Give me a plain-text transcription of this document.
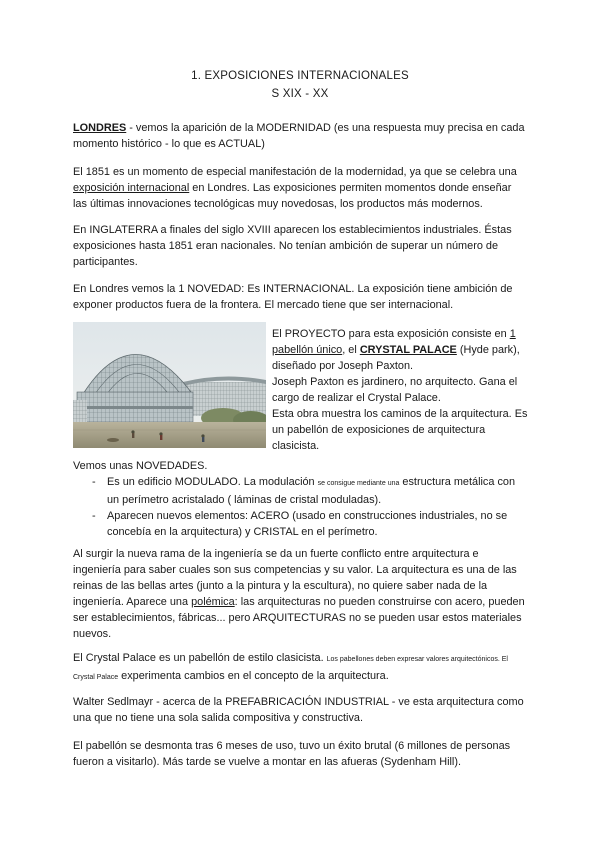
1. EXPOSICIONES INTERNACIONALES
S XIX - XX

LONDRES - vemos la aparición de la MODERNIDAD (es una respuesta muy precisa en cada momento histórico - lo que es ACTUAL)

El 1851 es un momento de especial manifestación de la modernidad, ya que se celebra una exposición internacional en Londres. Las exposiciones permiten momentos donde enseñar las últimas innovaciones tecnológicas muy novedosas, los productos más modernos.

En INGLATERRA a finales del siglo XVIII aparecen los establecimientos industriales. Éstas exposiciones hasta 1851 eran nacionales. No tenían ambición de superar un número de participantes.

En Londres vemos la 1 NOVEDAD: Es INTERNACIONAL. La exposición tiene ambición de exponer productos fuera de la frontera. El mercado tiene que ser internacional.

El PROYECTO para esta exposición consiste en 1 pabellón único, el CRYSTAL PALACE (Hyde park), diseñado por Joseph Paxton.
Joseph Paxton es jardinero, no arquitecto. Gana el cargo de realizar el Crystal Palace.
Esta obra muestra los caminos de la arquitectura. Es un pabellón de exposiciones de arquitectura clasicista.

Vemos unas NOVEDADES.

- Es un edificio MODULADO. La modulación se consigue mediante una estructura metálica con un perímetro acristalado ( láminas de cristal moduladas).
- Aparecen nuevos elementos: ACERO (usado en construcciones industriales, no se concebía en la arquitectura) y CRISTAL en el perímetro.

Al surgir la nueva rama de la ingeniería se da un fuerte conflicto entre arquitectura e ingeniería para saber cuales son sus competencias y su valor. La arquitectura es una de las reinas de las bellas artes (junto a la pintura y la escultura), no quiere saber nada de la ingeniería. Aparece una polémica: las arquitecturas no pueden construirse con acero, pueden ser establecimientos, fábricas... pero ARQUITECTURAS no se pueden usar estos materiales nuevos.

El Crystal Palace es un pabellón de estilo clasicista. Los pabellones deben expresar valores arquitectónicos. El Crystal Palace experimenta cambios en el concepto de la arquitectura.

Walter Sedlmayr - acerca de la PREFABRICACIÓN INDUSTRIAL - ve esta arquitectura como una que no tiene una sola salida compositiva y constructiva.

El pabellón se desmonta tras 6 meses de uso, tuvo un éxito brutal (6 millones de personas fueron a visitarlo). Más tarde se vuelve a montar en las afueras (Sydenham Hill).
